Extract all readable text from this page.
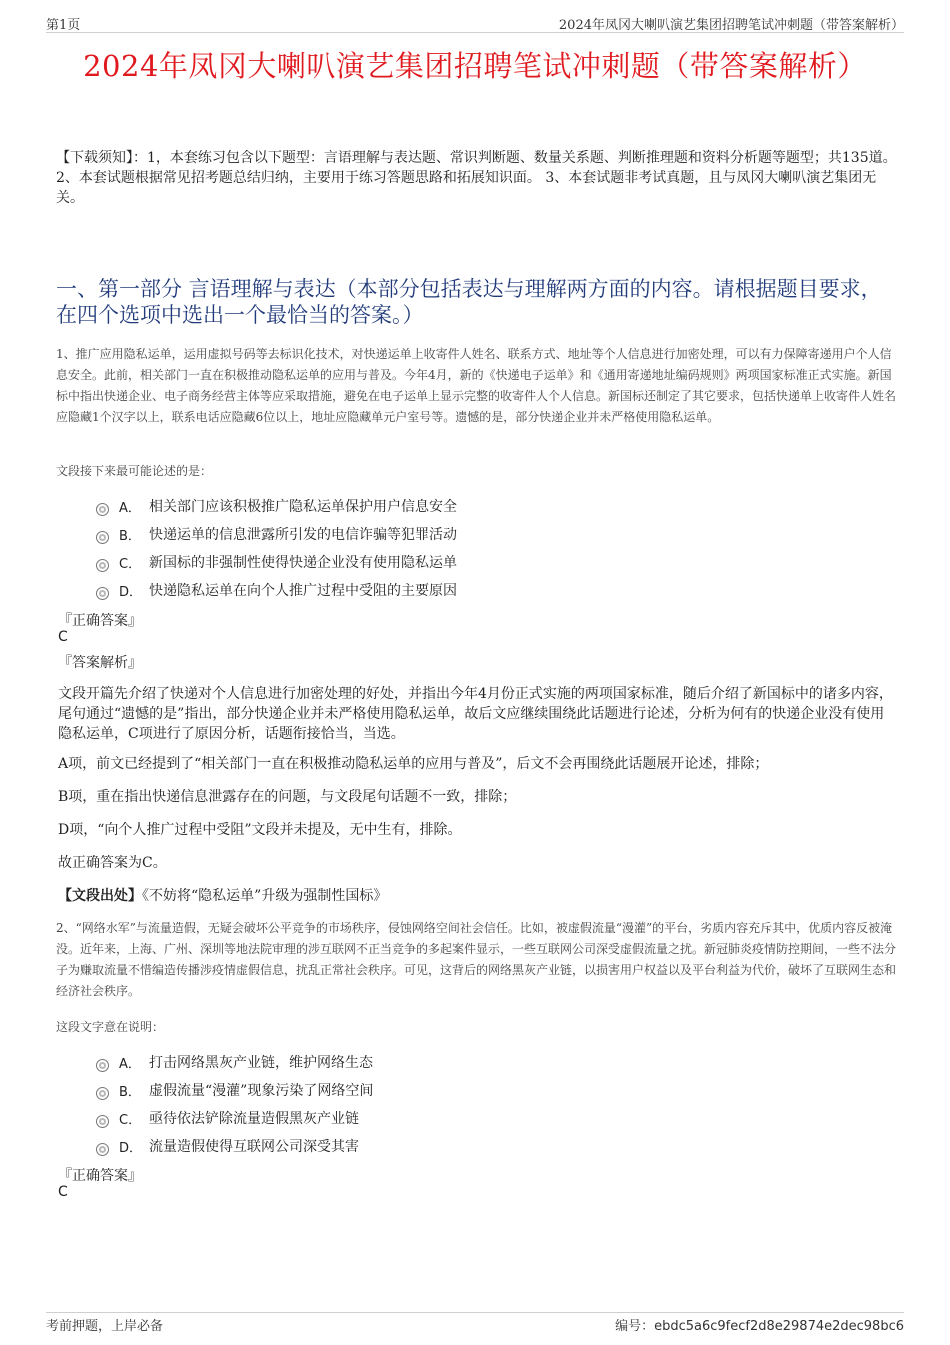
第1页	2024年凤冈大喇叭演艺集团招聘笔试冲刺题（带答案解析）
2024年凤冈大喇叭演艺集团招聘笔试冲刺题（带答案解析）
【下载须知】：1，本套练习包含以下题型：言语理解与表达题、常识判断题、数量关系题、判断推理题和资料分析题等题型；共135道。 2、本套试题根据常见招考题总结归纳，主要用于练习答题思路和拓展知识面。 3、本套试题非考试真题，且与凤冈大喇叭演艺集团无关。
一、第一部分 言语理解与表达（本部分包括表达与理解两方面的内容。请根据题目要求，在四个选项中选出一个最恰当的答案。）
1、推广应用隐私运单，运用虚拟号码等去标识化技术，对快递运单上收寄件人姓名、联系方式、地址等个人信息进行加密处理，可以有力保障寄递用户个人信息安全。此前，相关部门一直在积极推动隐私运单的应用与普及。今年4月，新的《快递电子运单》和《通用寄递地址编码规则》两项国家标准正式实施。新国标中指出快递企业、电子商务经营主体等应采取措施，避免在电子运单上显示完整的收寄件人个人信息。新国标还制定了其它要求，包括快递单上收寄件人姓名应隐藏1个汉字以上，联系电话应隐藏6位以上，地址应隐藏单元户室号等。遗憾的是，部分快递企业并未严格使用隐私运单。
文段接下来最可能论述的是：
A． 相关部门应该积极推广隐私运单保护用户信息安全
B． 快递运单的信息泄露所引发的电信诈骗等犯罪活动
C． 新国标的非强制性使得快递企业没有使用隐私运单
D． 快递隐私运单在向个人推广过程中受阻的主要原因
『正确答案』
C
『答案解析』
文段开篇先介绍了快递对个人信息进行加密处理的好处，并指出今年4月份正式实施的两项国家标准，随后介绍了新国标中的诸多内容，尾句通过“遗憾的是”指出，部分快递企业并未严格使用隐私运单，故后文应继续围绕此话题进行论述，分析为何有的快递企业没有使用隐私运单，C项进行了原因分析，话题衔接恰当，当选。
A项，前文已经提到了“相关部门一直在积极推动隐私运单的应用与普及”，后文不会再围绕此话题展开论述，排除；
B项，重在指出快递信息泄露存在的问题，与文段尾句话题不一致，排除；
D项，“向个人推广过程中受阻”文段并未提及，无中生有，排除。
故正确答案为C。
【文段出处】《不妨将“隐私运单”升级为强制性国标》
2、“网络水军”与流量造假，无疑会破坏公平竞争的市场秩序，侵蚀网络空间社会信任。比如，被虚假流量“漫灌”的平台，劣质内容充斥其中，优质内容反被淹没。近年来，上海、广州、深圳等地法院审理的涉互联网不正当竞争的多起案件显示，一些互联网公司深受虚假流量之扰。新冠肺炎疫情防控期间，一些不法分子为赚取流量不惜编造传播涉疫情虚假信息，扰乱正常社会秩序。可见，这背后的网络黑灰产业链，以损害用户权益以及平台利益为代价，破坏了互联网生态和经济社会秩序。
这段文字意在说明：
A． 打击网络黑灰产业链，维护网络生态
B． 虚假流量“漫灌”现象污染了网络空间
C． 亟待依法铲除流量造假黑灰产业链
D． 流量造假使得互联网公司深受其害
『正确答案』
C
考前押题，上岸必备	编号：ebdc5a6c9fecf2d8e29874e2dec98bc6
